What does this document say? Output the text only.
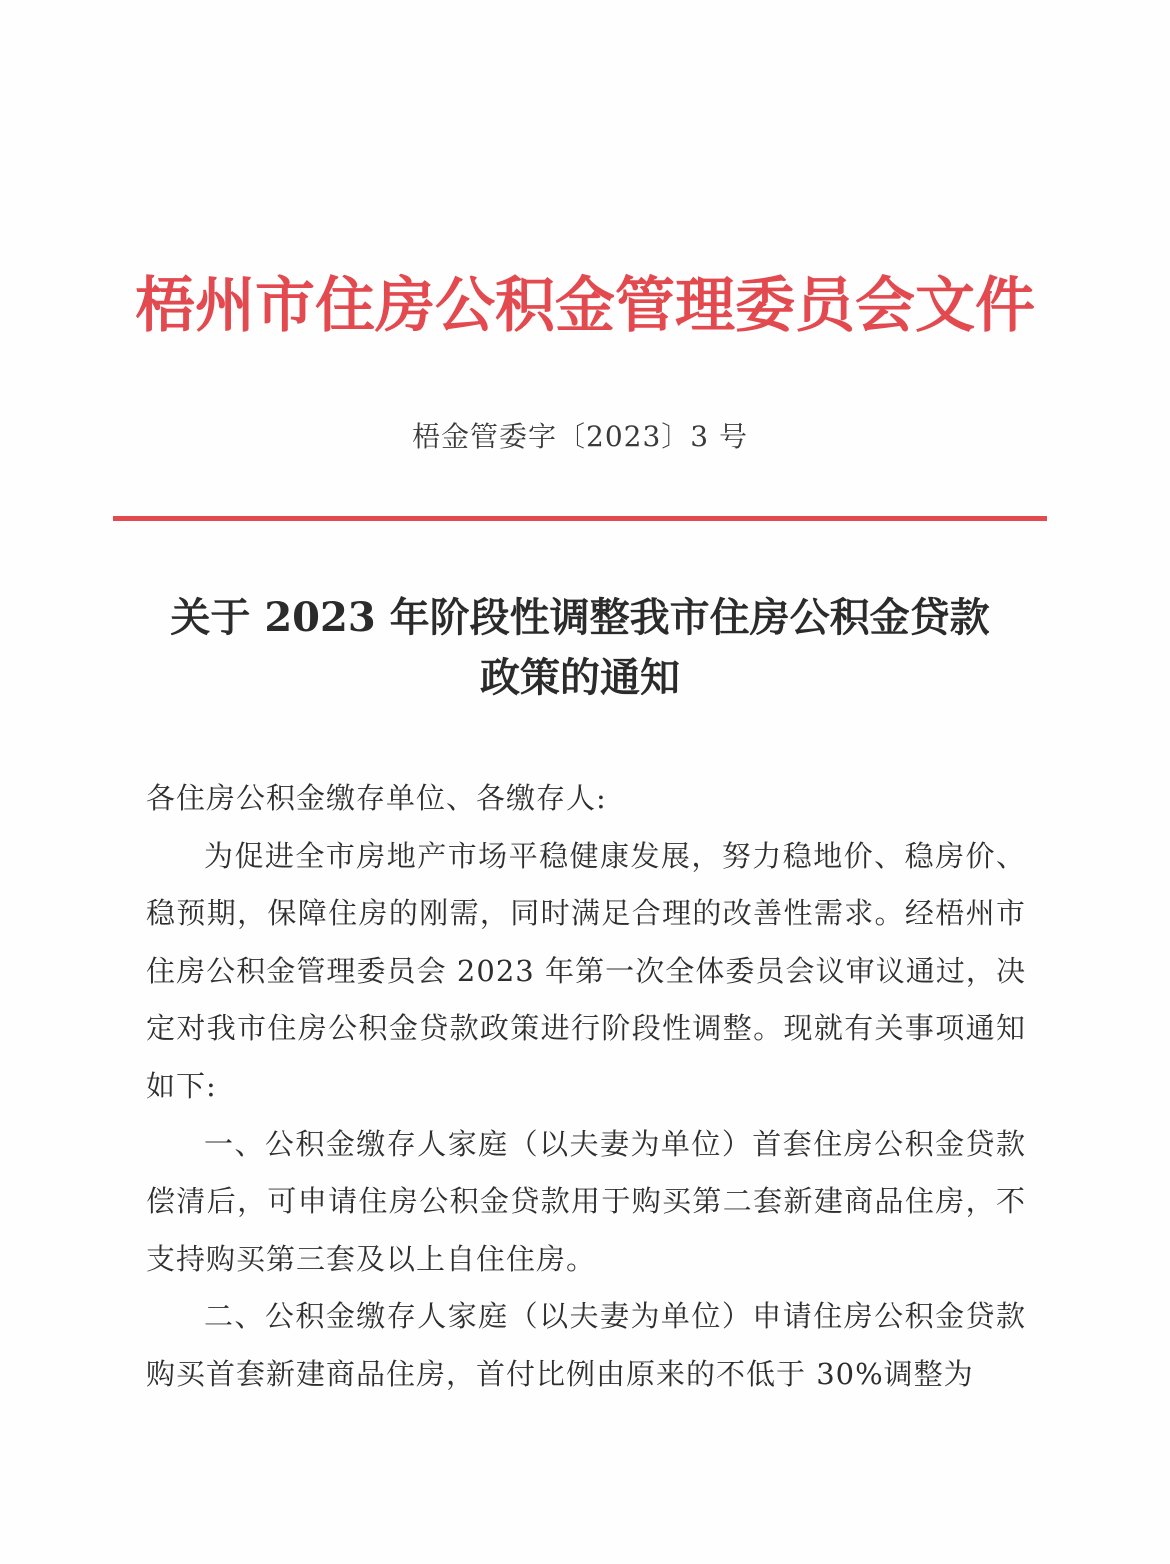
梧州市住房公积金管理委员会文件
梧金管委字〔2023〕3 号
关于 2023 年阶段性调整我市住房公积金贷款
政策的通知

各住房公积金缴存单位、各缴存人:

为促进全市房地产市场平稳健康发展，努力稳地价、稳房价、稳预期，保障住房的刚需，同时满足合理的改善性需求。经梧州市住房公积金管理委员会 2023 年第一次全体委员会议审议通过，决定对我市住房公积金贷款政策进行阶段性调整。现就有关事项通知如下:

一、公积金缴存人家庭（以夫妻为单位）首套住房公积金贷款偿清后，可申请住房公积金贷款用于购买第二套新建商品住房，不支持购买第三套及以上自住住房。

二、公积金缴存人家庭（以夫妻为单位）申请住房公积金贷款购买首套新建商品住房，首付比例由原来的不低于 30%调整为
